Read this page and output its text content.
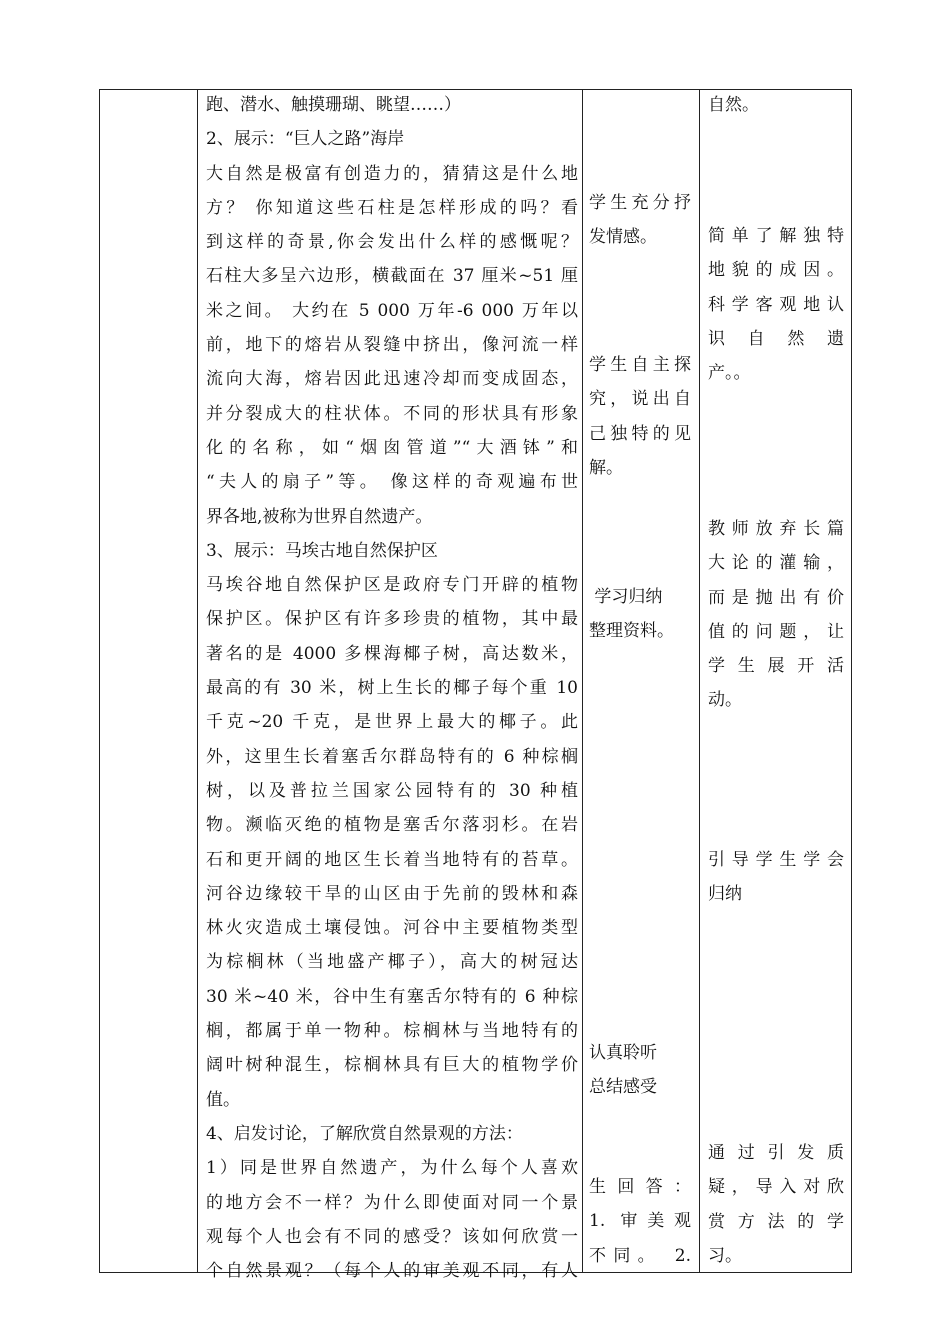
跑、潜水、触摸珊瑚、眺望……）

2、展示：“巨人之路”海岸

大自然是极富有创造力的，猜猜这是什么地

方？ 你知道这些石柱是怎样形成的吗？看

到这样的奇景,你会发出什么样的感慨呢？

石柱大多呈六边形，横截面在 37 厘米~51 厘

米之间。 大约在 5 000 万年-6 000 万年以

前，地下的熔岩从裂缝中挤出，像河流一样

流向大海，熔岩因此迅速冷却而变成固态，

并分裂成大的柱状体。不同的形状具有形象

化的名称，如“烟囱管道”“大酒钵”和

“夫人的扇子”等。 像这样的奇观遍布世

界各地,被称为世界自然遗产。

3、展示：马埃古地自然保护区

马埃谷地自然保护区是政府专门开辟的植物

保护区。保护区有许多珍贵的植物，其中最

著名的是 4000 多棵海椰子树，高达数米，

最高的有 30 米，树上生长的椰子每个重 10

千克~20 千克，是世界上最大的椰子。此

外，这里生长着塞舌尔群岛特有的 6 种棕榈

树，以及普拉兰国家公园特有的 30 种植

物。濒临灭绝的植物是塞舌尔落羽杉。在岩

石和更开阔的地区生长着当地特有的苔草。

河谷边缘较干旱的山区由于先前的毁林和森

林火灾造成土壤侵蚀。河谷中主要植物类型

为棕榈林（当地盛产椰子），高大的树冠达

30 米~40 米，谷中生有塞舌尔特有的 6 种棕

榈，都属于单一物种。棕榈林与当地特有的

阔叶树种混生，棕榈林具有巨大的植物学价

值。

4、启发讨论，了解欣赏自然景观的方法：

1）同是世界自然遗产，为什么每个人喜欢

的地方会不一样？为什么即使面对同一个景

观每个人也会有不同的感受？该如何欣赏一

个自然景观？（每个人的审美观不同，有人

学生充分抒

发情感。

学生自主探

究，说出自

己独特的见

解。

学习归纳

整理资料。

认真聆听

总结感受

生 回 答 ：

1. 审美观

不同。 2.

自然。

简单了解独特

地貌的成因。

科学客观地认

识 自 然 遗

产。。

教师放弃长篇

大论的灌输，

而是抛出有价

值的问题，让

学 生 展 开 活

动。

引导学生学会

归纳

通 过 引 发 质

疑，导入对欣

赏方法的学

习。
